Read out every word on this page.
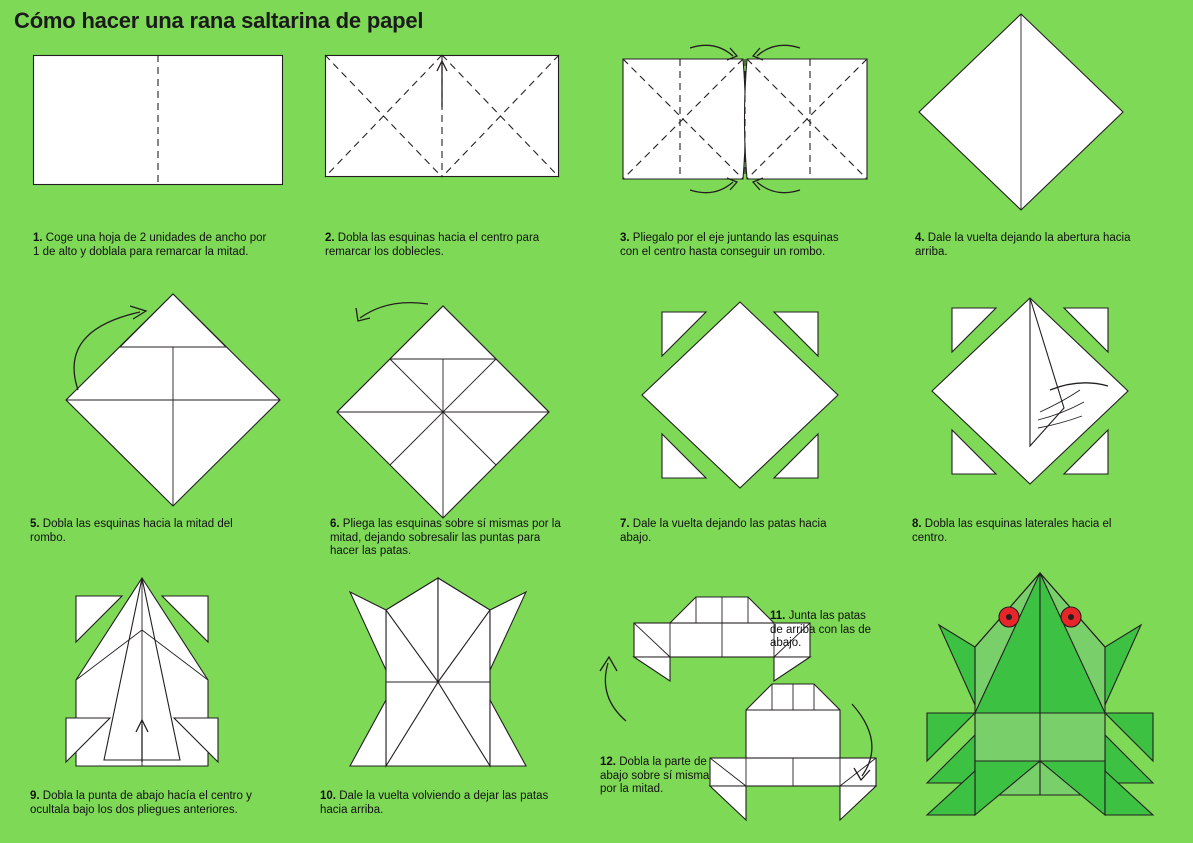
Cómo hacer una rana saltarina de papel
1. Coge una hoja de 2 unidades de ancho por 1 de alto y doblala para remarcar la mitad.
2. Dobla las esquinas hacia el centro para remarcar los doblecles.
3. Pliegalo por el eje juntando las esquinas con el centro hasta conseguir un rombo.
4. Dale la vuelta dejando la abertura hacia arriba.
5. Dobla las esquinas hacia la mitad del rombo.
6. Pliega las esquinas sobre sí mismas por la mitad, dejando sobresalir las puntas para hacer las patas.
7. Dale la vuelta dejando las patas hacia abajo.
8. Dobla las esquinas laterales hacia el centro.
9. Dobla la punta de abajo hacía el centro y ocultala bajo los dos pliegues anteriores.
10. Dale la vuelta volviendo a dejar las patas hacia arriba.
11. Junta las patas de arriba con las de abajo.
12. Dobla la parte de abajo sobre sí misma por la mitad.
